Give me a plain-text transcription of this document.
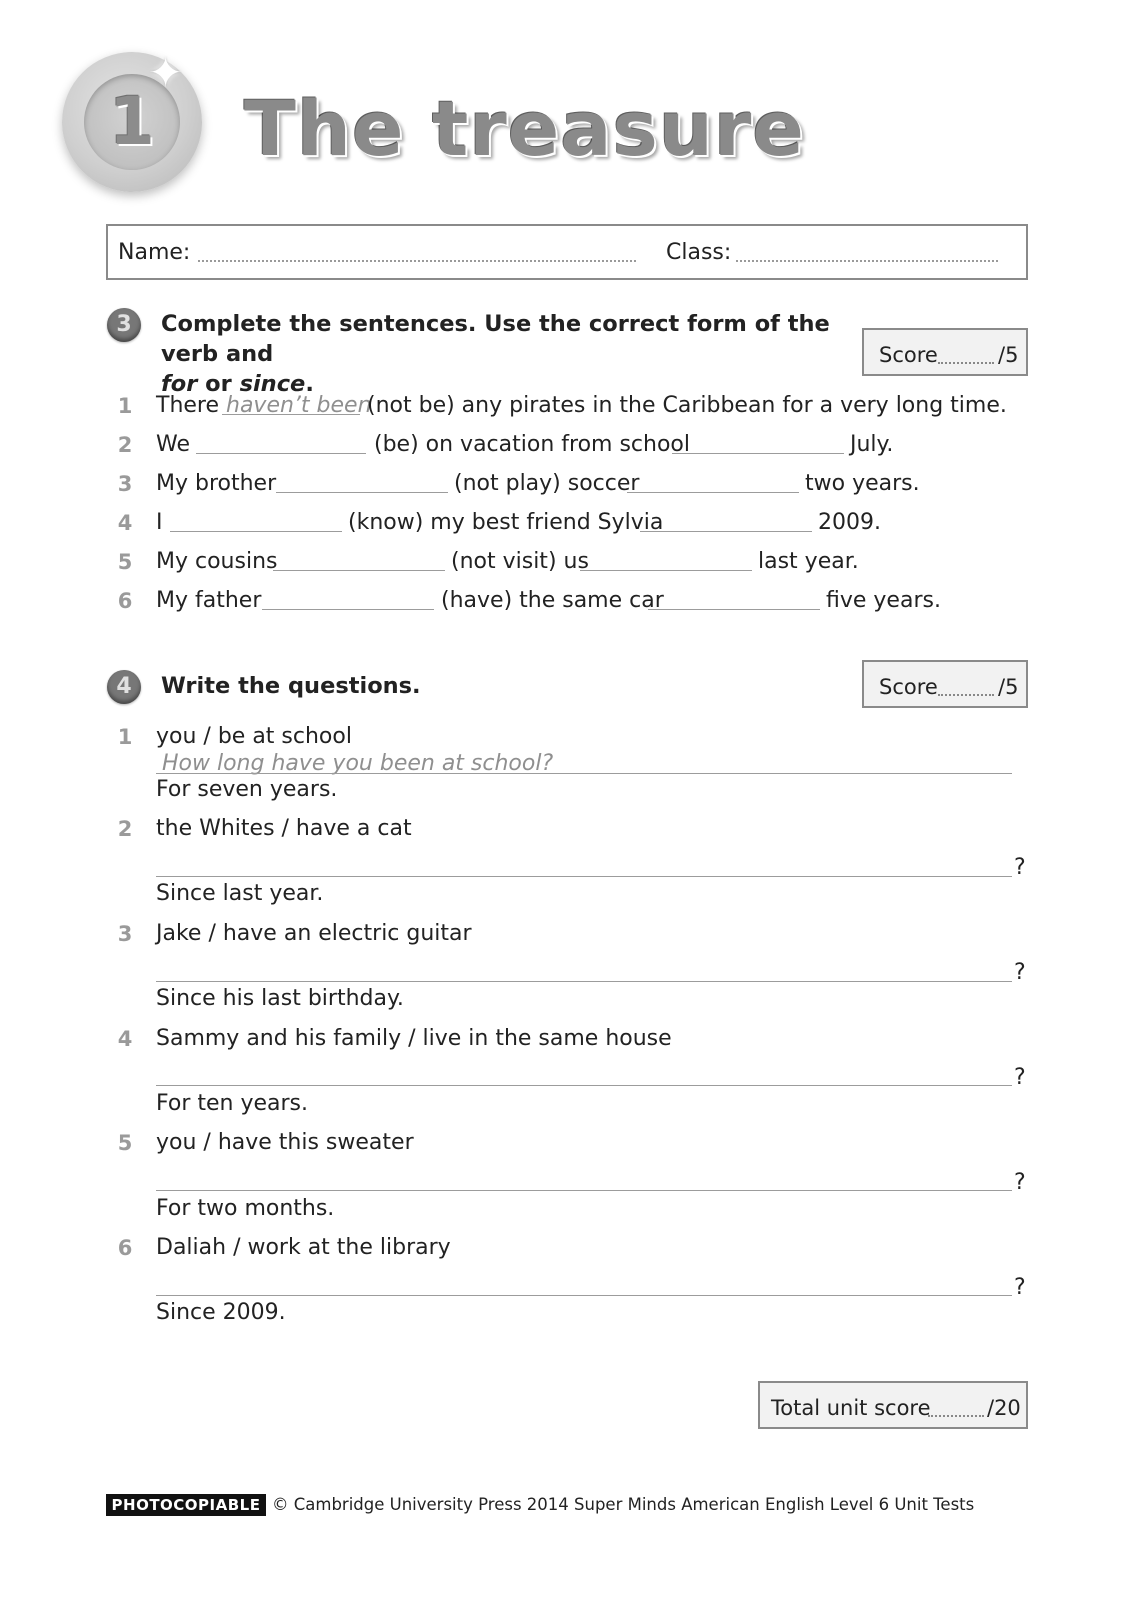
1
✦
The treasure
Name:	Class:
3	Complete the sentences. Use the correct form of the verb and
for or since.
Score	/5
1 There haven’t been
(not be) any pirates in the Caribbean for a very long time.
2 We	(be) on vacation from school	July.
3 My brother	(not play) soccer	two years.
4 I	(know) my best friend Sylvia	2009.
5 My cousins	(not visit) us	last year.
6 My father	(have) the same car	five years.
4	Write the questions.	Score	/5
1 you / be at school
How long have you been at school?
For seven years.
2 the Whites / have a cat
?
Since last year.
3 Jake / have an electric guitar
?
Since his last birthday.
4 Sammy and his family / live in the same house
?
For ten years.
5 you / have this sweater
?
For two months.
6 Daliah / work at the library
?
Since 2009.
Total unit score	/20
PHOTOCOPIABLE © Cambridge University Press 2014 Super Minds American English Level 6 Unit Tests
